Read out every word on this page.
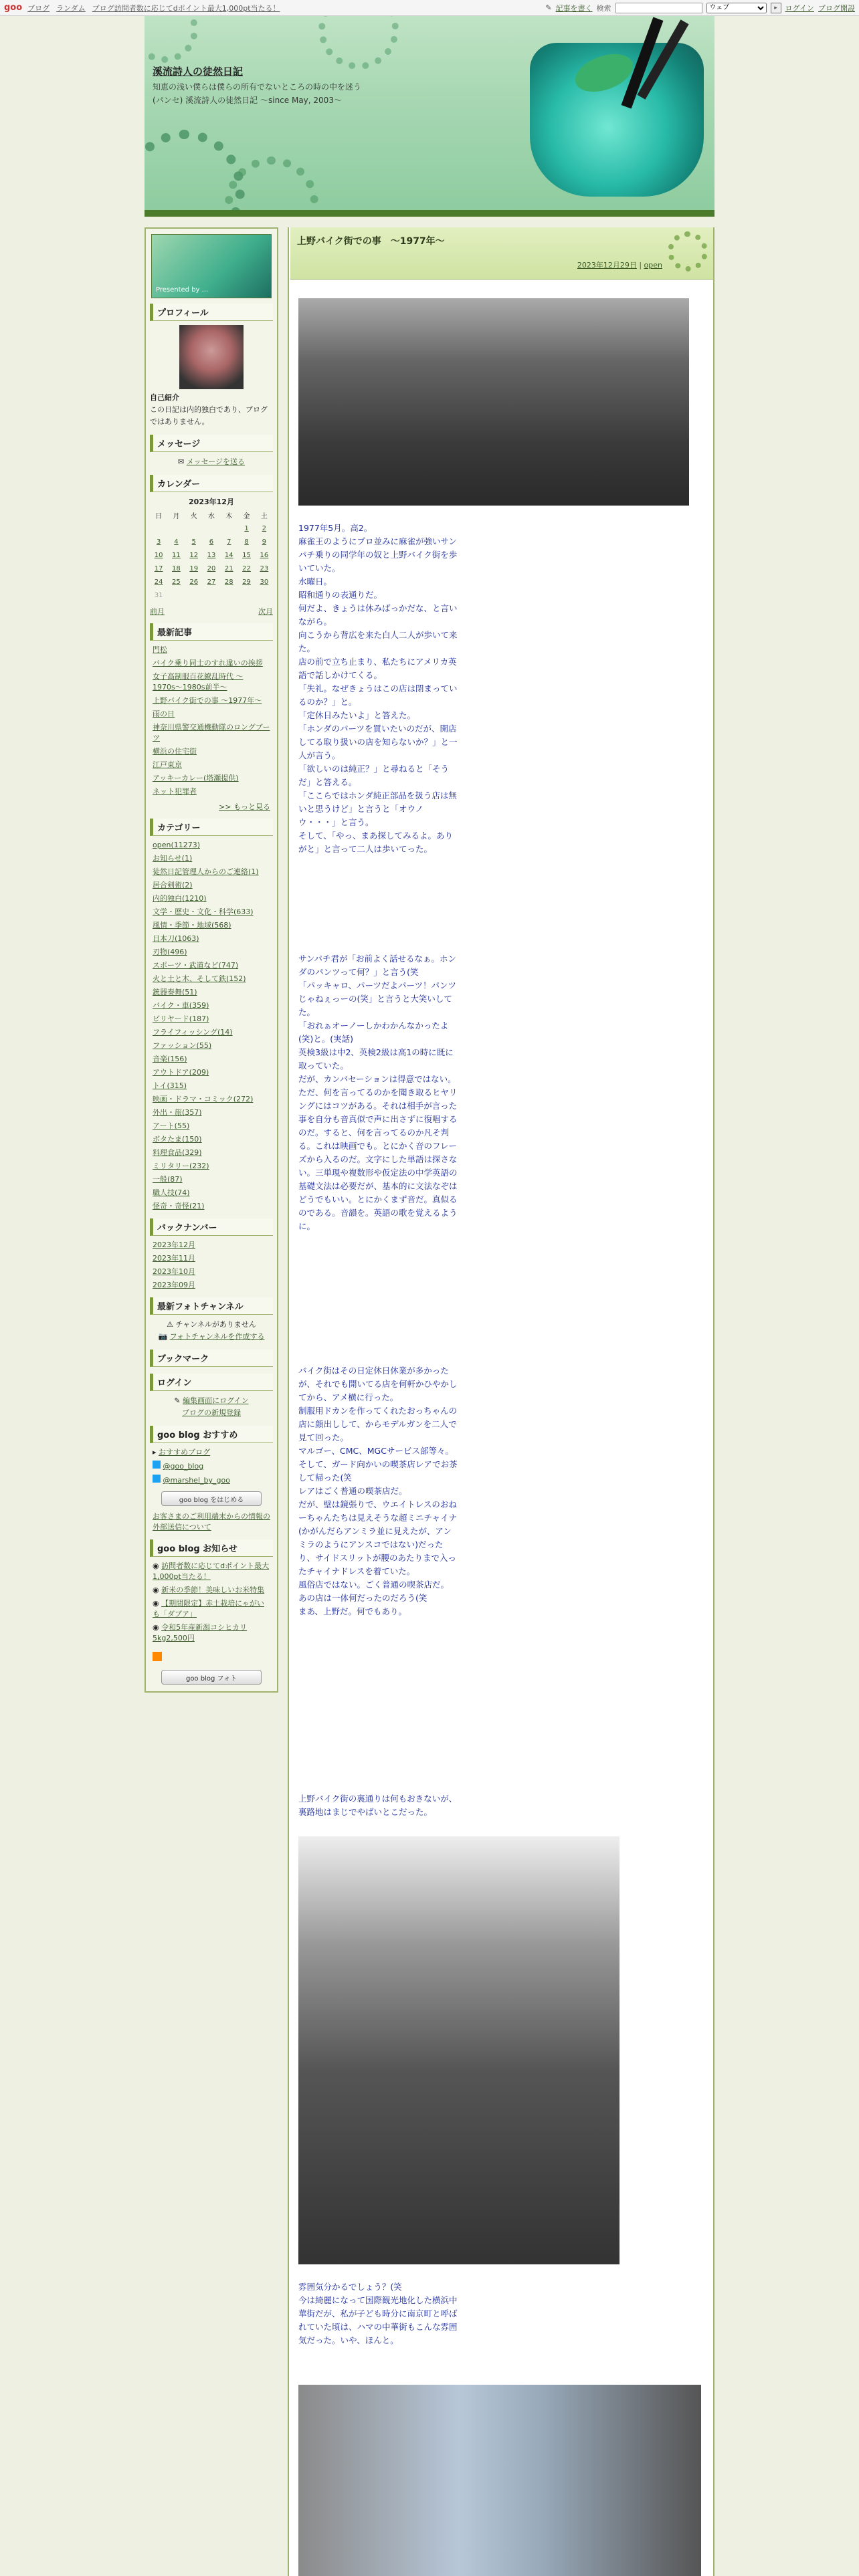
goo ブログ ランダム ブログ訪問者数に応じてdポイント最大1,000pt当たる！	✎ 記事を書く 検索
ウェブ	▸	ログイン ブログ開設
溪流詩人の徒然日記
知恵の浅い僕らは僕らの所有でないところの時の中を迷う(パンセ) 溪流詩人の徒然日記 〜since May, 2003〜
Presented by ...
プロフィール
自己紹介
この日記は内的独白であり、ブログではありません。
メッセージ
✉ メッセージを送る
カレンダー
2023年12月
日	月	火	水	木	金	土
					1	2
3	4	5	6	7	8	9
10	11	12	13	14	15	16
17	18	19	20	21	22	23
24	25	26	27	28	29	30
31						
前月	次月
最新記事
門松
バイク乗り同士のすれ違いの挨拶
女子高制服百花繚乱時代 〜1970s〜1980s前半〜
上野バイク街での事 〜1977年〜
雨の日
神奈川県警交通機動隊のロングブーツ
横浜の住宅街
江戸東京
アッキーカレー(塔瀬提供)
ネット犯罪者
>> もっと見る
カテゴリー
open(11273)
お知らせ(1)
徒然日記管理人からのご連絡(1)
居合剣術(2)
内的独白(1210)
文学・歴史・文化・科学(633)
風情・季節・地域(568)
日本刀(1063)
刃物(496)
スポーツ・武道など(747)
火と土と木、そして鉄(152)
銃器奏舞(51)
バイク・車(359)
ビリヤード(187)
フライフィッシング(14)
ファッション(55)
音楽(156)
アウトドア(209)
トイ(315)
映画・ドラマ・コミック(272)
外出・旅(357)
アート(55)
ボタたま(150)
料理食品(329)
ミリタリー(232)
一般(87)
職人技(74)
怪奇・奇怪(21)
バックナンバー
2023年12月
2023年11月
2023年10月
2023年09月
最新フォトチャンネル
⚠ チャンネルがありません
📷 フォトチャンネルを作成する
ブックマーク
ログイン
✎ 編集画面にログイン
ブログの新規登録
goo blog おすすめ
▸ おすすめブログ
@goo_blog
@marshel_by_goo
goo blog をはじめる
お客さまのご利用端末からの情報の外部送信について
goo blog お知らせ
◉ 訪問者数に応じてdポイント最大1,000pt当たる！
◉ 新米の季節！美味しいお米特集
◉ 【期間限定】赤土栽培にゃがいも「ダブア」
◉ 令和5年産新潟コシヒカリ5kg2,500円
goo blog フォト
上野バイク街での事　〜1977年〜
2023年12月29日 | open
1977年5月。高2。
麻雀王のようにプロ並みに麻雀が強いサンパチ乗りの同学年の奴と上野バイク街を歩いていた。
水曜日。
昭和通りの表通りだ。
何だよ、きょうは休みばっかだな、と言いながら。
向こうから背広を来た白人二人が歩いて来た。
店の前で立ち止まり、私たちにアメリカ英語で話しかけてくる。
「失礼。なぜきょうはこの店は閉まっているのか？」と。
「定休日みたいよ」と答えた。
「ホンダのパーツを買いたいのだが、開店してる取り扱いの店を知らないか？」と一人が言う。
「欲しいのは純正？」と尋ねると「そうだ」と答える。
「ここらではホンダ純正部品を扱う店は無いと思うけど」と言うと「オウノウ・・・」と言う。
そして、「やっ、まあ探してみるよ。ありがと」と言って二人は歩いてった。
サンパチ君が「お前よく話せるなぁ。ホンダのパンツって何？」と言う(笑
「パッキャロ、パーツだよパーツ！パンツじゃねぇっーの(笑」と言うと大笑いしてた。
「おれぁオーノーしかわかんなかったよ(笑)と。(実話)
英検3級は中2、英検2級は高1の時に既に取っていた。
だが、カンバセーションは得意ではない。
ただ、何を言ってるのかを聞き取るヒヤリングにはコツがある。それは相手が言った事を自分も音真似で声に出さずに復唱するのだ。すると、何を言ってるのか凡そ判る。これは映画でも。とにかく音のフレーズから入るのだ。文字にした単語は探さない。三単現や複数形や仮定法の中学英語の基礎文法は必要だが、基本的に文法なぞはどうでもいい。とにかくまず音だ。真似るのである。音韻を。英語の歌を覚えるように。
バイク街はその日定休日休業が多かったが、それでも開いてる店を何軒かひやかしてから、アメ横に行った。
制服用ドカンを作ってくれたおっちゃんの店に顔出しして、からモデルガンを二人で見て回った。
マルゴー、CMC、MGCサービス部等々。
そして、ガード向かいの喫茶店レアでお茶して帰った(笑
レアはごく普通の喫茶店だ。
だが、壁は鏡張りで、ウエイトレスのおねーちゃんたちは見えそうな超ミニチャイナ(かがんだらアンミラ並に見えたが、アンミラのようにアンスコではない)だったり、サイドスリットが腰のあたりまで入ったチャイナドレスを着ていた。
風俗店ではない。ごく普通の喫茶店だ。
あの店は一体何だったのだろう(笑
まあ、上野だ。何でもあり。
上野バイク街の裏通りは何もおきないが、裏路地はまじでやばいとこだった。
雰囲気分かるでしょう？(笑
今は綺麗になって国際観光地化した横浜中華街だが、私が子ども時分に南京町と呼ばれていた頃は、ハマの中華街もこんな雰囲気だった。いや、ほんと。
